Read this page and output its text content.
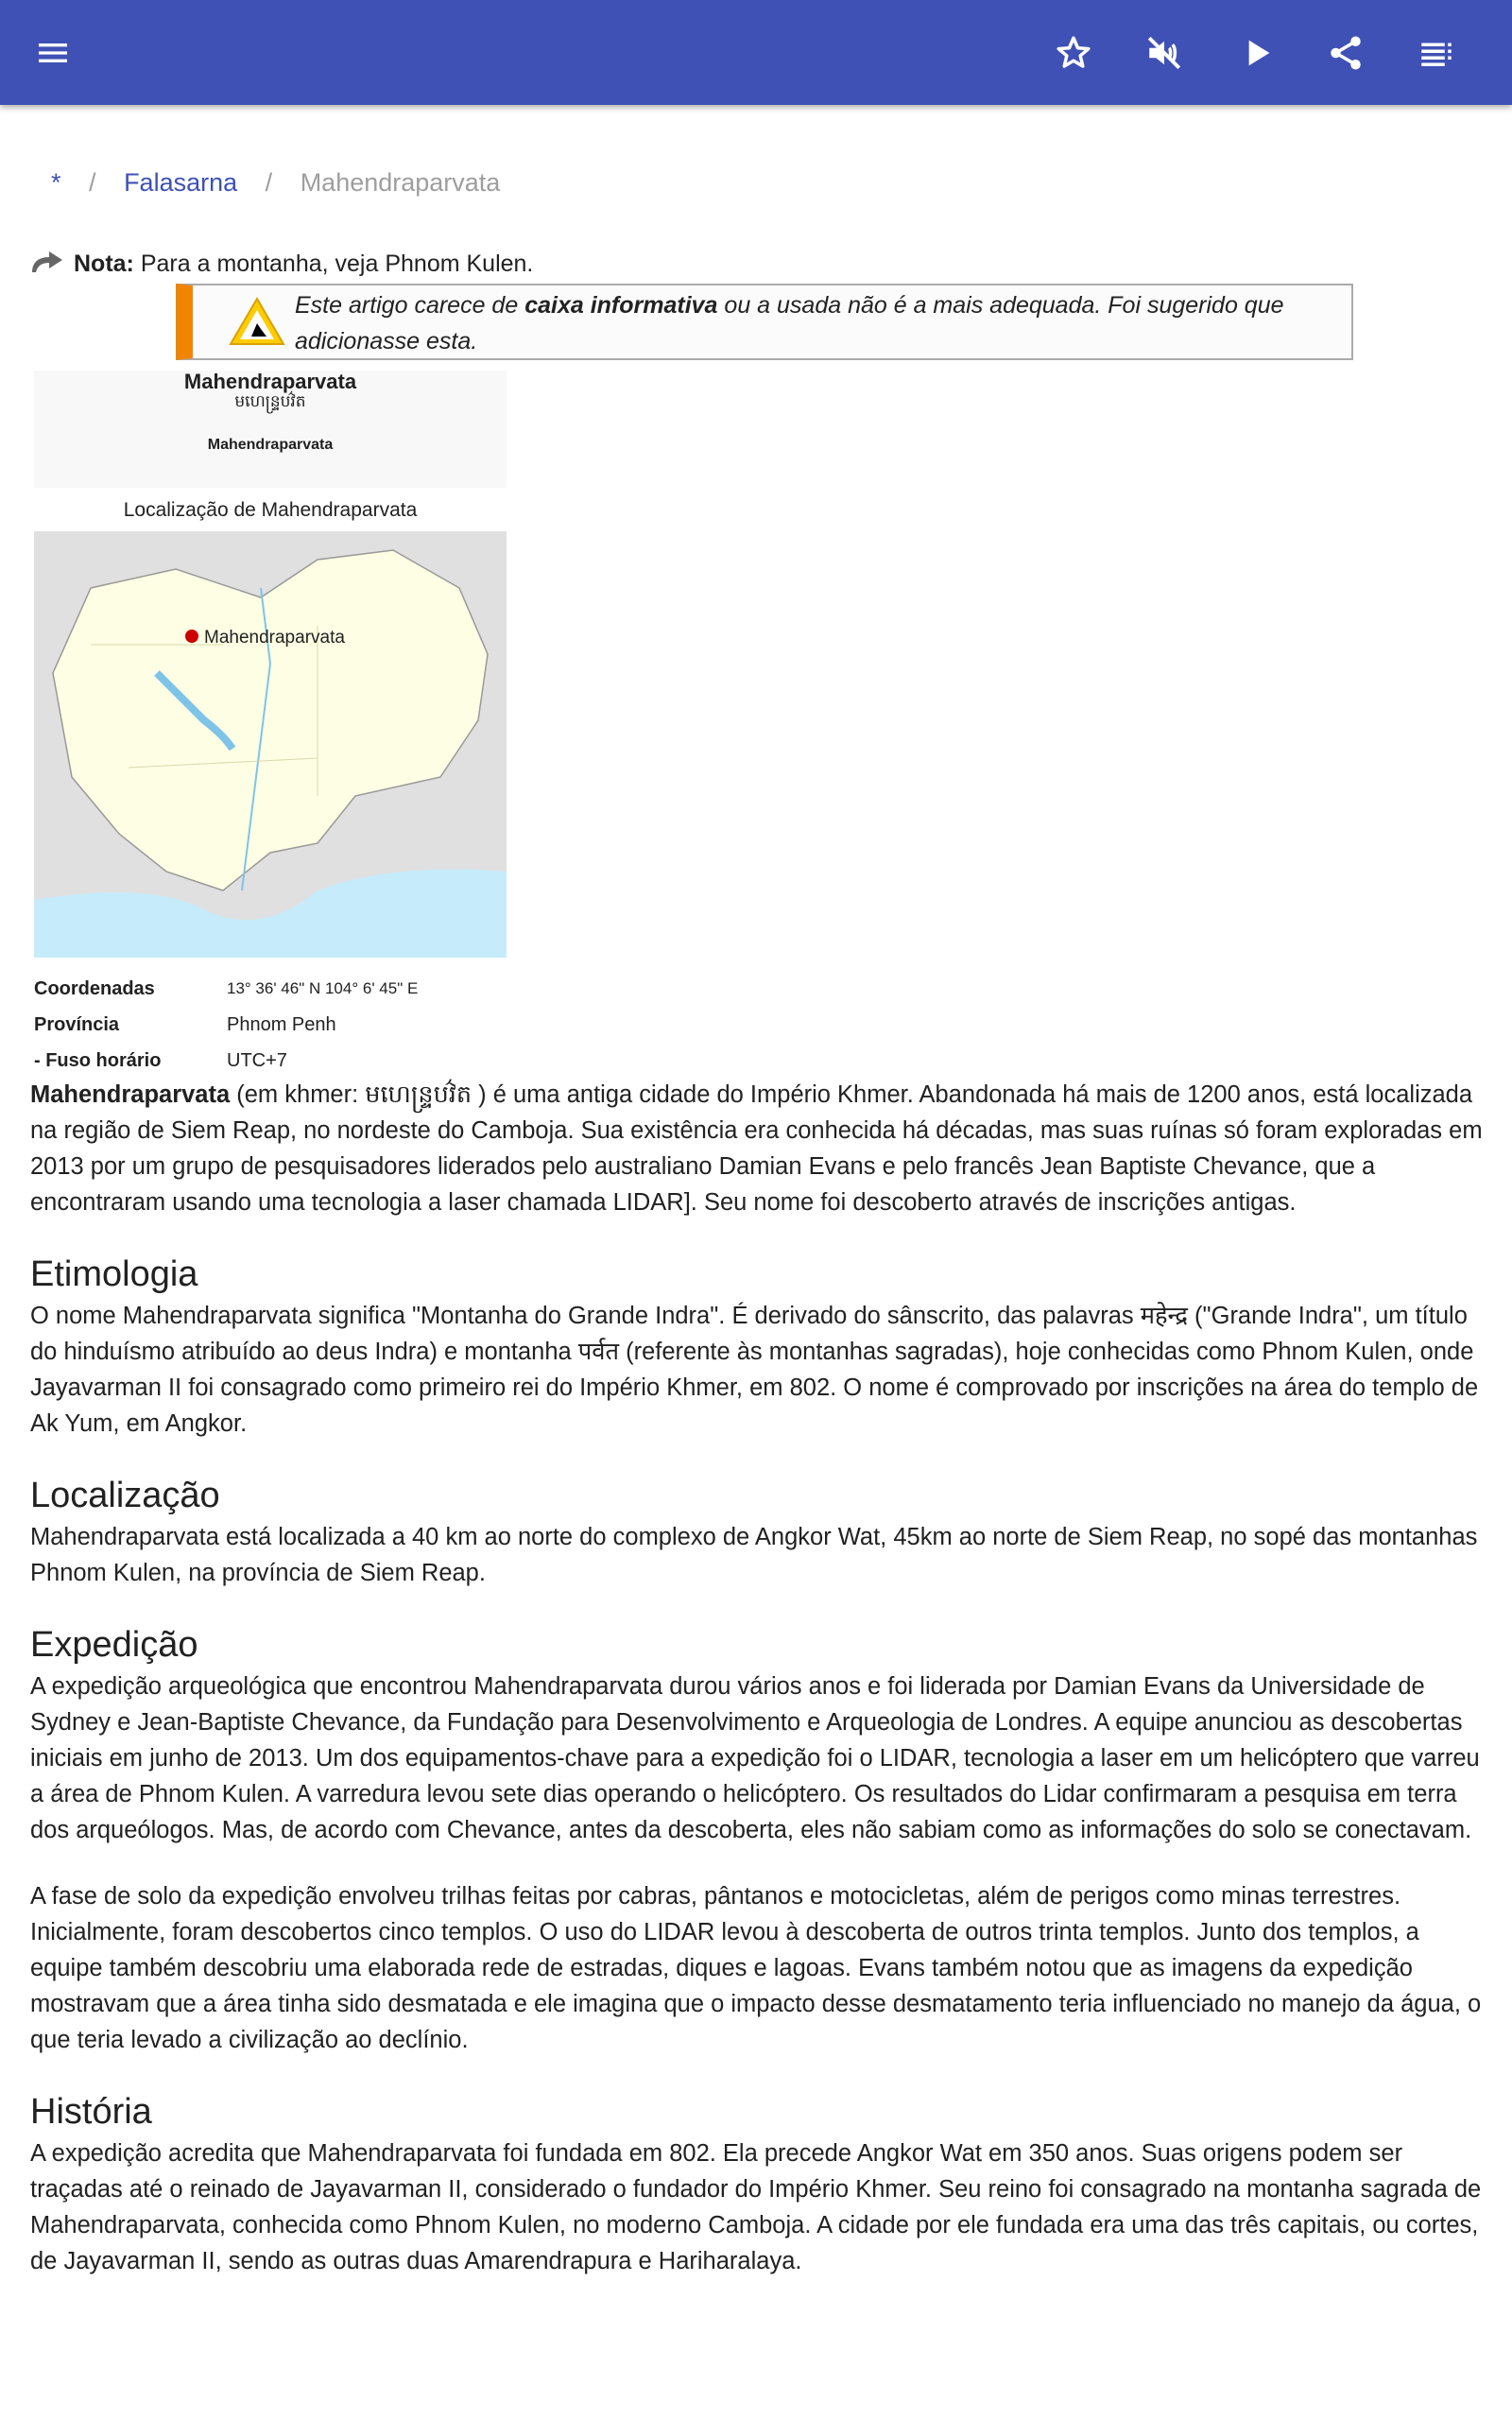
* / Falasarna / Mahendraparvata
Nota: Para a montanha, veja Phnom Kulen.
Este artigo carece de caixa informativa ou a usada não é a mais adequada. Foi sugerido que adicionasse esta.
Mahendraparvata
មហេន្ទ្របវ៌ត
Mahendraparvata
Localização de Mahendraparvata
Mahendraparvata
Coordenadas	13° 36' 46" N 104° 6' 45" E
Província	Phnom Penh
- Fuso horário	UTC+7

Mahendraparvata (em khmer: មហេន្ទ្របវ៌ត ) é uma antiga cidade do Império Khmer. Abandonada há mais de 1200 anos, está localizada na região de Siem Reap, no nordeste do Camboja. Sua existência era conhecida há décadas, mas suas ruínas só foram exploradas em 2013 por um grupo de pesquisadores liderados pelo australiano Damian Evans e pelo francês Jean Baptiste Chevance, que a encontraram usando uma tecnologia a laser chamada LIDAR]. Seu nome foi descoberto através de inscrições antigas.

Etimologia

O nome Mahendraparvata significa "Montanha do Grande Indra". É derivado do sânscrito, das palavras महेन्द्र ("Grande Indra", um título do hinduísmo atribuído ao deus Indra) e montanha पर्वत (referente às montanhas sagradas), hoje conhecidas como Phnom Kulen, onde Jayavarman II foi consagrado como primeiro rei do Império Khmer, em 802. O nome é comprovado por inscrições na área do templo de Ak Yum, em Angkor.

Localização

Mahendraparvata está localizada a 40 km ao norte do complexo de Angkor Wat, 45km ao norte de Siem Reap, no sopé das montanhas Phnom Kulen, na província de Siem Reap.

Expedição

A expedição arqueológica que encontrou Mahendraparvata durou vários anos e foi liderada por Damian Evans da Universidade de Sydney e Jean-Baptiste Chevance, da Fundação para Desenvolvimento e Arqueologia de Londres. A equipe anunciou as descobertas iniciais em junho de 2013. Um dos equipamentos-chave para a expedição foi o LIDAR, tecnologia a laser em um helicóptero que varreu a área de Phnom Kulen. A varredura levou sete dias operando o helicóptero. Os resultados do Lidar confirmaram a pesquisa em terra dos arqueólogos. Mas, de acordo com Chevance, antes da descoberta, eles não sabiam como as informações do solo se conectavam.

A fase de solo da expedição envolveu trilhas feitas por cabras, pântanos e motocicletas, além de perigos como minas terrestres. Inicialmente, foram descobertos cinco templos. O uso do LIDAR levou à descoberta de outros trinta templos. Junto dos templos, a equipe também descobriu uma elaborada rede de estradas, diques e lagoas. Evans também notou que as imagens da expedição mostravam que a área tinha sido desmatada e ele imagina que o impacto desse desmatamento teria influenciado no manejo da água, o que teria levado a civilização ao declínio.

História

A expedição acredita que Mahendraparvata foi fundada em 802. Ela precede Angkor Wat em 350 anos. Suas origens podem ser traçadas até o reinado de Jayavarman II, considerado o fundador do Império Khmer. Seu reino foi consagrado na montanha sagrada de Mahendraparvata, conhecida como Phnom Kulen, no moderno Camboja. A cidade por ele fundada era uma das três capitais, ou cortes, de Jayavarman II, sendo as outras duas Amarendrapura e Hariharalaya.
